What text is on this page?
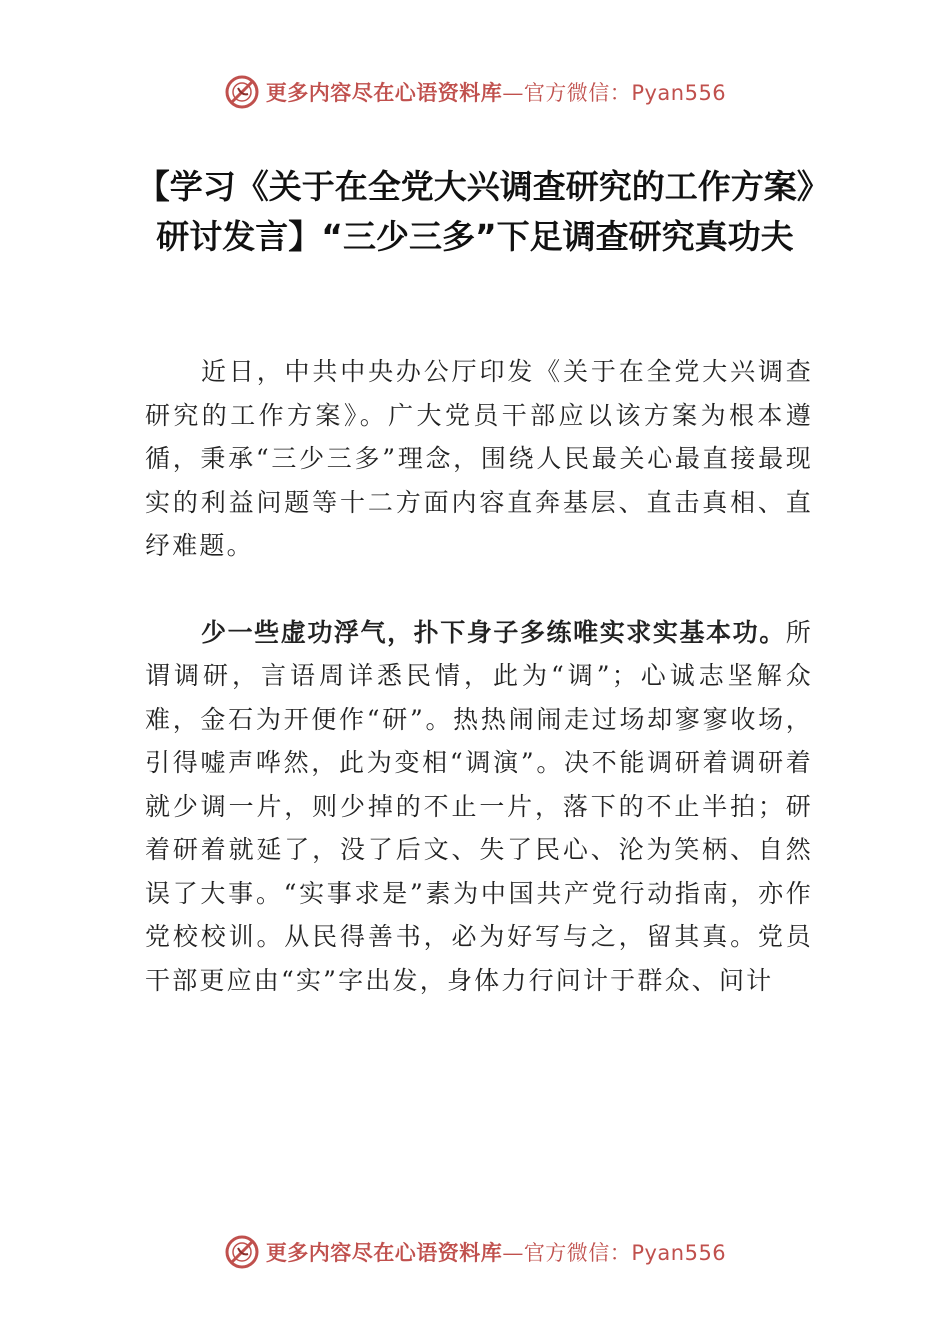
更多内容尽在心语资料库—官方微信：Pyan556
【学习《关于在全党大兴调查研究的工作方案》研讨发言】“三少三多”下足调查研究真功夫

近日，中共中央办公厅印发《关于在全党大兴调查研究的工作方案》。广大党员干部应以该方案为根本遵循，秉承“三少三多”理念，围绕人民最关心最直接最现实的利益问题等十二方面内容直奔基层、直击真相、直纾难题。

少一些虚功浮气，扑下身子多练唯实求实基本功。所谓调研，言语周详悉民情，此为“调”；心诚志坚解众难，金石为开便作“研”。热热闹闹走过场却寥寥收场，引得嘘声哗然，此为变相“调演”。决不能调研着调研着就少调一片，则少掉的不止一片，落下的不止半拍；研着研着就延了，没了后文、失了民心、沦为笑柄、自然误了大事。“实事求是”素为中国共产党行动指南，亦作党校校训。从民得善书，必为好写与之，留其真。党员干部更应由“实”字出发，身体力行问计于群众、问计

更多内容尽在心语资料库—官方微信：Pyan556
